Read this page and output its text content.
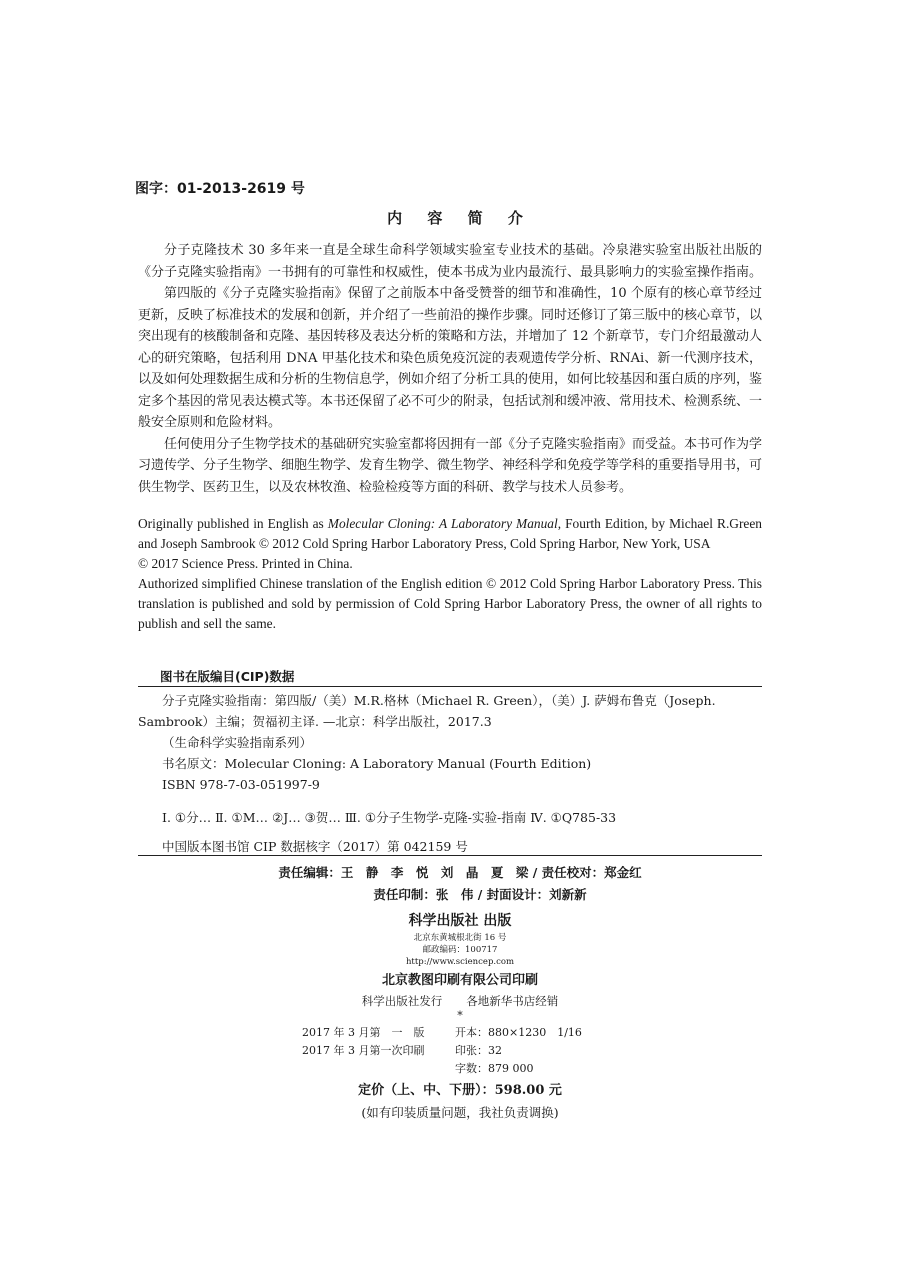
图字：01-2013-2619 号
内 容 简 介

分子克隆技术 30 多年来一直是全球生命科学领域实验室专业技术的基础。冷泉港实验室出版社出版的《分子克隆实验指南》一书拥有的可靠性和权威性，使本书成为业内最流行、最具影响力的实验室操作指南。

第四版的《分子克隆实验指南》保留了之前版本中备受赞誉的细节和准确性，10 个原有的核心章节经过更新，反映了标准技术的发展和创新，并介绍了一些前沿的操作步骤。同时还修订了第三版中的核心章节，以突出现有的核酸制备和克隆、基因转移及表达分析的策略和方法，并增加了 12 个新章节，专门介绍最激动人心的研究策略，包括利用 DNA 甲基化技术和染色质免疫沉淀的表观遗传学分析、RNAi、新一代测序技术，以及如何处理数据生成和分析的生物信息学，例如介绍了分析工具的使用，如何比较基因和蛋白质的序列，鉴定多个基因的常见表达模式等。本书还保留了必不可少的附录，包括试剂和缓冲液、常用技术、检测系统、一般安全原则和危险材料。

任何使用分子生物学技术的基础研究实验室都将因拥有一部《分子克隆实验指南》而受益。本书可作为学习遗传学、分子生物学、细胞生物学、发育生物学、微生物学、神经科学和免疫学等学科的重要指导用书，可供生物学、医药卫生，以及农林牧渔、检验检疫等方面的科研、教学与技术人员参考。

Originally published in English as Molecular Cloning: A Laboratory Manual, Fourth Edition, by Michael R.Green and Joseph Sambrook © 2012 Cold Spring Harbor Laboratory Press, Cold Spring Harbor, New York, USA

© 2017 Science Press. Printed in China.

Authorized simplified Chinese translation of the English edition © 2012 Cold Spring Harbor Laboratory Press. This translation is published and sold by permission of Cold Spring Harbor Laboratory Press, the owner of all rights to publish and sell the same.

图书在版编目(CIP)数据
分子克隆实验指南：第四版/（美）M.R.格林（Michael R. Green），（美）J. 萨姆布鲁克（Joseph.
Sambrook）主编；贺福初主译. —北京：科学出版社，2017.3
（生命科学实验指南系列）
书名原文：Molecular Cloning: A Laboratory Manual (Fourth Edition)
ISBN 978-7-03-051997-9
Ⅰ. ①分… Ⅱ. ①M… ②J… ③贺… Ⅲ. ①分子生物学-克隆-实验-指南 Ⅳ. ①Q785-33
中国版本图书馆 CIP 数据核字（2017）第 042159 号
责任编辑：王　静　李　悦　刘　晶　夏　梁 / 责任校对：郑金红
责任印制：张　伟 / 封面设计：刘新新
科学出版社 出版
北京东黄城根北街 16 号
邮政编码：100717
http://www.sciencep.com
北京教图印刷有限公司印刷
科学出版社发行 各地新华书店经销
*
2017 年 3 月第　一　版	开本：880×1230　1/16
2017 年 3 月第一次印刷	印张：32
字数：879 000
定价（上、中、下册）：598.00 元
(如有印装质量问题，我社负责调换)
